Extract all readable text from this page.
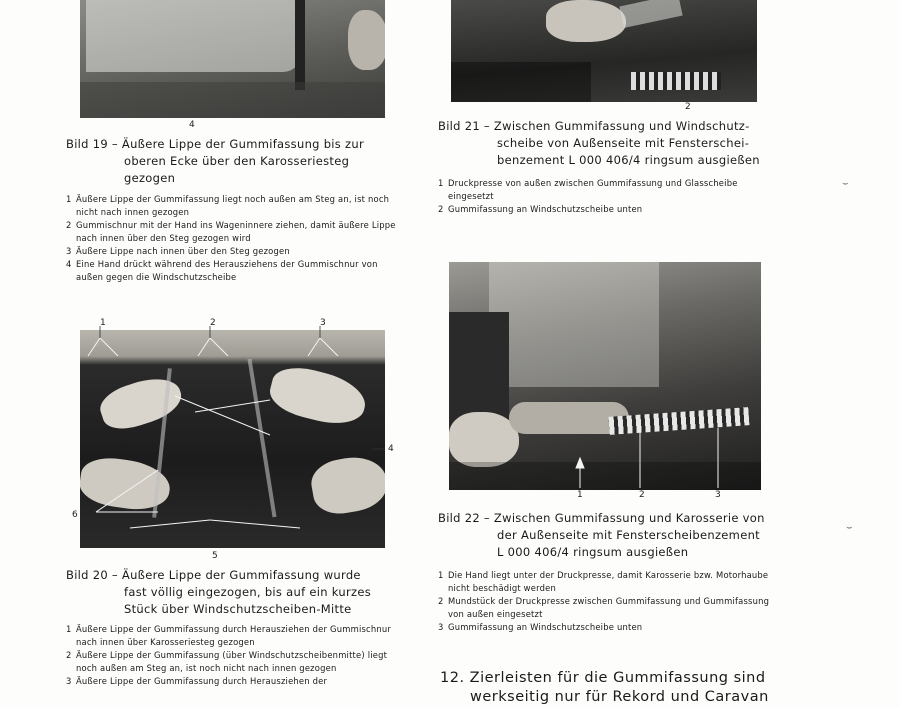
4
Bild 19 – Äußere Lippe der Gummifassung bis zur
oberen Ecke über den Karosseriesteg
gezogen
1 Äußere Lippe der Gummifassung liegt noch außen am Steg an, ist noch nicht nach innen gezogen
2 Gummischnur mit der Hand ins Wageninnere ziehen, damit äußere Lippe nach innen über den Steg gezogen wird
3 Äußere Lippe nach innen über den Steg gezogen
4 Eine Hand drückt während des Herausziehens der Gummischnur von außen gegen die Windschutzscheibe
1	2	3
4
6
5
Bild 20 – Äußere Lippe der Gummifassung wurde
fast völlig eingezogen, bis auf ein kurzes
Stück über Windschutzscheiben-Mitte
1 Äußere Lippe der Gummifassung durch Herausziehen der Gummischnur nach innen über Karosseriesteg gezogen
2 Äußere Lippe der Gummifassung (über Windschutzscheibenmitte) liegt noch außen am Steg an, ist noch nicht nach innen gezogen
3 Äußere Lippe der Gummifassung durch Herausziehen der
2
Bild 21 – Zwischen Gummifassung und Windschutz-
scheibe von Außenseite mit Fensterschei-
benzement L 000 406/4 ringsum ausgießen
1 Druckpresse von außen zwischen Gummifassung und Glasscheibe eingesetzt
2 Gummifassung an Windschutzscheibe unten
1	2	3
Bild 22 – Zwischen Gummifassung und Karosserie von
der Außenseite mit Fensterscheibenzement
L 000 406/4 ringsum ausgießen
1 Die Hand liegt unter der Druckpresse, damit Karosserie bzw. Motorhaube nicht beschädigt werden
2 Mundstück der Druckpresse zwischen Gummifassung und Gummifassung von außen eingesetzt
3 Gummifassung an Windschutzscheibe unten
12. Zierleisten für die Gummifassung sind
werkseitig nur für Rekord und Caravan
⌣
⌣
